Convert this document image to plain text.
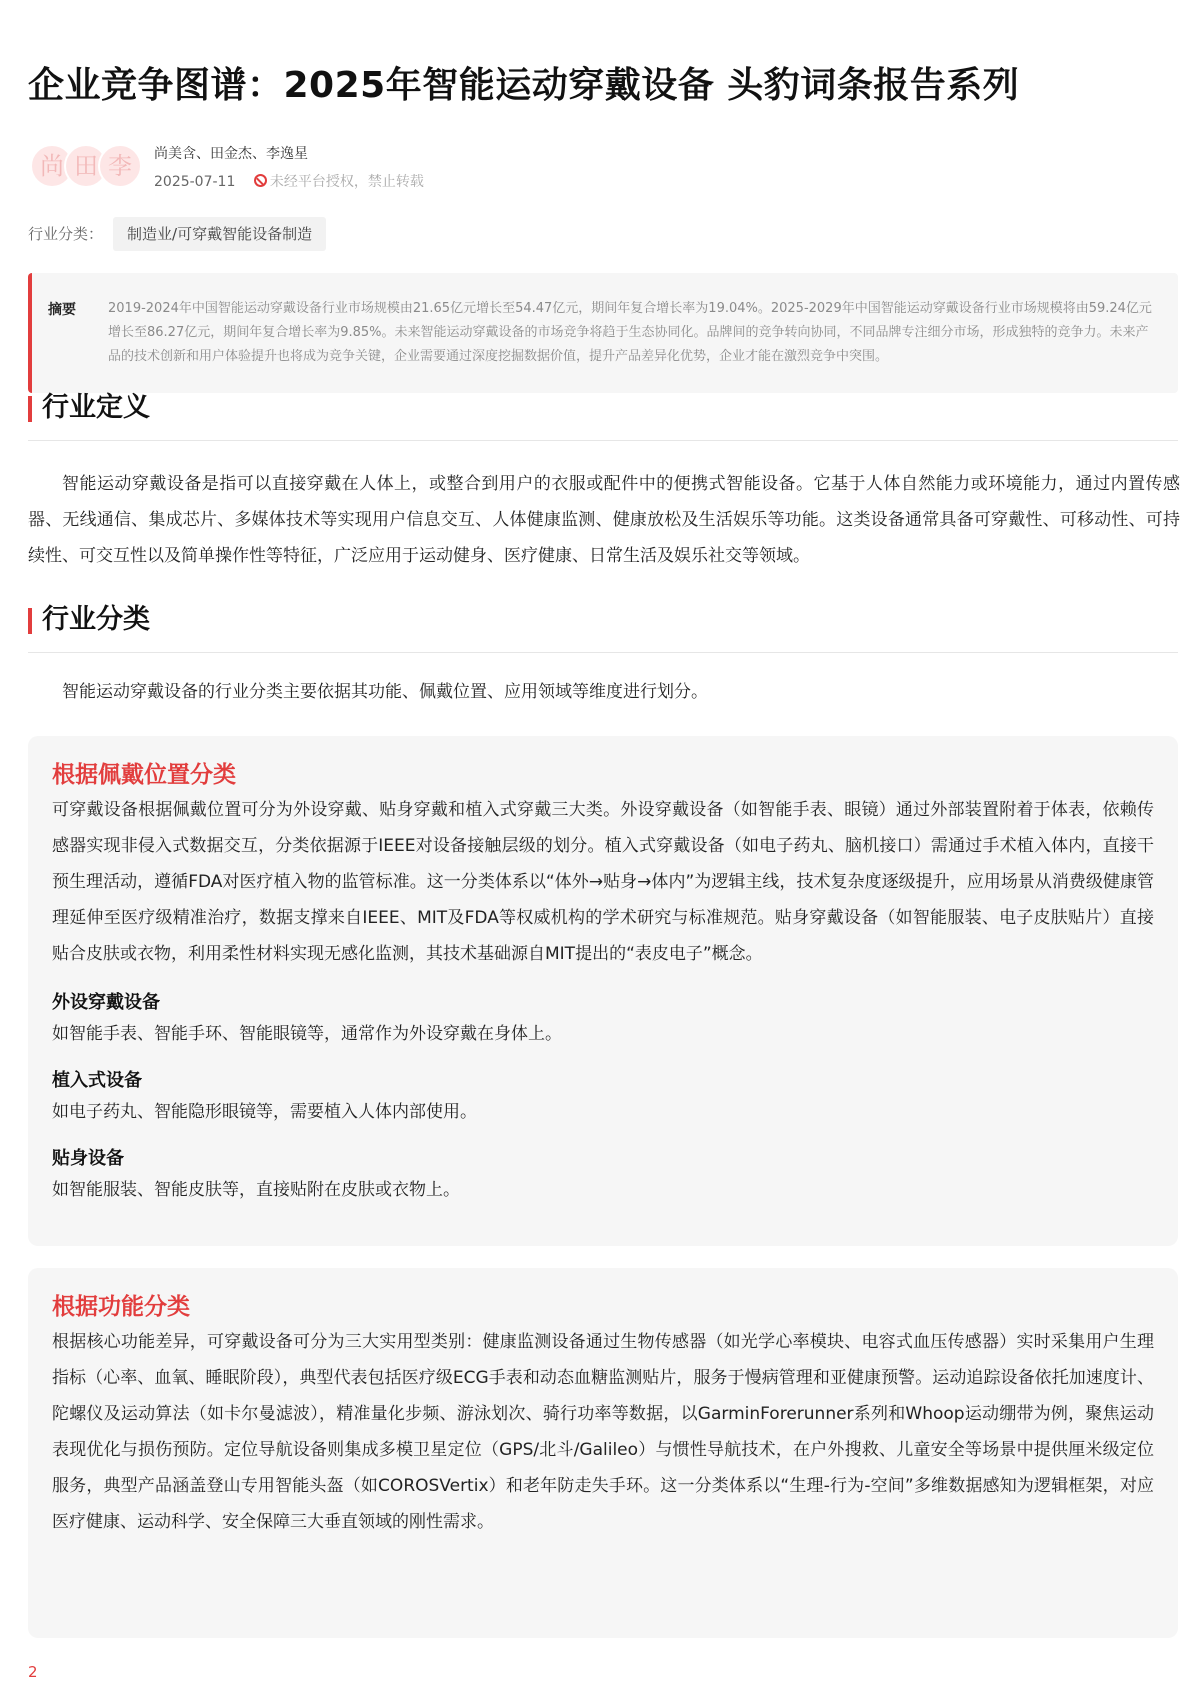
企业竞争图谱：2025年智能运动穿戴设备 头豹词条报告系列
尚 田 李	尚美含、田金杰、李逸星
2025-07-11 未经平台授权，禁止转载
行业分类： 制造业/可穿戴智能设备制造
摘要 2019-2024年中国智能运动穿戴设备行业市场规模由21.65亿元增长至54.47亿元，期间年复合增长率为19.04%。2025-2029年中国智能运动穿戴设备行业市场规模将由59.24亿元增长至86.27亿元，期间年复合增长率为9.85%。未来智能运动穿戴设备的市场竞争将趋于生态协同化。品牌间的竞争转向协同，不同品牌专注细分市场，形成独特的竞争力。未来产品的技术创新和用户体验提升也将成为竞争关键，企业需要通过深度挖掘数据价值，提升产品差异化优势，企业才能在激烈竞争中突围。
行业定义

智能运动穿戴设备是指可以直接穿戴在人体上，或整合到用户的衣服或配件中的便携式智能设备。它基于人体自然能力或环境能力，通过内置传感器、无线通信、集成芯片、多媒体技术等实现用户信息交互、人体健康监测、健康放松及生活娱乐等功能。这类设备通常具备可穿戴性、可移动性、可持续性、可交互性以及简单操作性等特征，广泛应用于运动健身、医疗健康、日常生活及娱乐社交等领域。

行业分类

智能运动穿戴设备的行业分类主要依据其功能、佩戴位置、应用领域等维度进行划分。

根据佩戴位置分类
可穿戴设备根据佩戴位置可分为外设穿戴、贴身穿戴和植入式穿戴三大类。外设穿戴设备（如智能手表、眼镜）通过外部装置附着于体表，依赖传感器实现非侵入式数据交互，分类依据源于IEEE对设备接触层级的划分。植入式穿戴设备（如电子药丸、脑机接口）需通过手术植入体内，直接干预生理活动，遵循FDA对医疗植入物的监管标准。这一分类体系以“体外→贴身→体内”为逻辑主线，技术复杂度逐级提升，应用场景从消费级健康管理延伸至医疗级精准治疗，数据支撑来自IEEE、MIT及FDA等权威机构的学术研究与标准规范。贴身穿戴设备（如智能服装、电子皮肤贴片）直接贴合皮肤或衣物，利用柔性材料实现无感化监测，其技术基础源自MIT提出的“表皮电子”概念。
外设穿戴设备
如智能手表、智能手环、智能眼镜等，通常作为外设穿戴在身体上。
植入式设备
如电子药丸、智能隐形眼镜等，需要植入人体内部使用。
贴身设备
如智能服装、智能皮肤等，直接贴附在皮肤或衣物上。
根据功能分类
根据核心功能差异，可穿戴设备可分为三大实用型类别：健康监测设备通过生物传感器（如光学心率模块、电容式血压传感器）实时采集用户生理指标（心率、血氧、睡眠阶段），典型代表包括医疗级ECG手表和动态血糖监测贴片，服务于慢病管理和亚健康预警。运动追踪设备依托加速度计、陀螺仪及运动算法（如卡尔曼滤波），精准量化步频、游泳划次、骑行功率等数据，以GarminForerunner系列和Whoop运动绷带为例，聚焦运动表现优化与损伤预防。定位导航设备则集成多模卫星定位（GPS/北斗/Galileo）与惯性导航技术，在户外搜救、儿童安全等场景中提供厘米级定位服务，典型产品涵盖登山专用智能头盔（如COROSVertix）和老年防走失手环。这一分类体系以“生理-行为-空间”多维数据感知为逻辑框架，对应医疗健康、运动科学、安全保障三大垂直领域的刚性需求。
2
